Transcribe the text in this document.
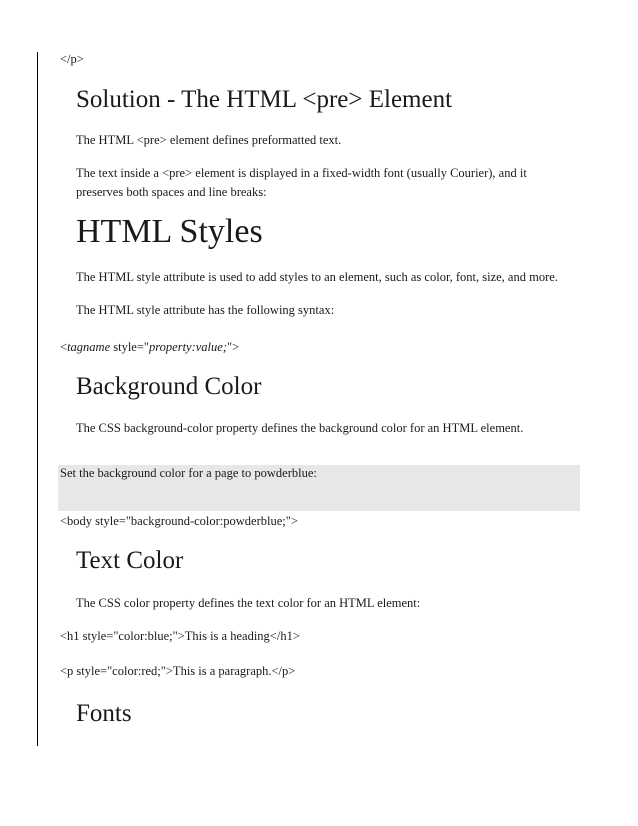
</p>

Solution - The HTML <pre> Element

The HTML <pre> element defines preformatted text.

The text inside a <pre> element is displayed in a fixed-width font (usually Courier), and it preserves both spaces and line breaks:

HTML Styles

The HTML style attribute is used to add styles to an element, such as color, font, size, and more.

The HTML style attribute has the following syntax:

<tagname style="property:value;">

Background Color

The CSS background-color property defines the background color for an HTML element.

Set the background color for a page to powderblue:

<body style="background-color:powderblue;">

Text Color

The CSS color property defines the text color for an HTML element:

<h1 style="color:blue;">This is a heading</h1>

<p style="color:red;">This is a paragraph.</p>

Fonts
